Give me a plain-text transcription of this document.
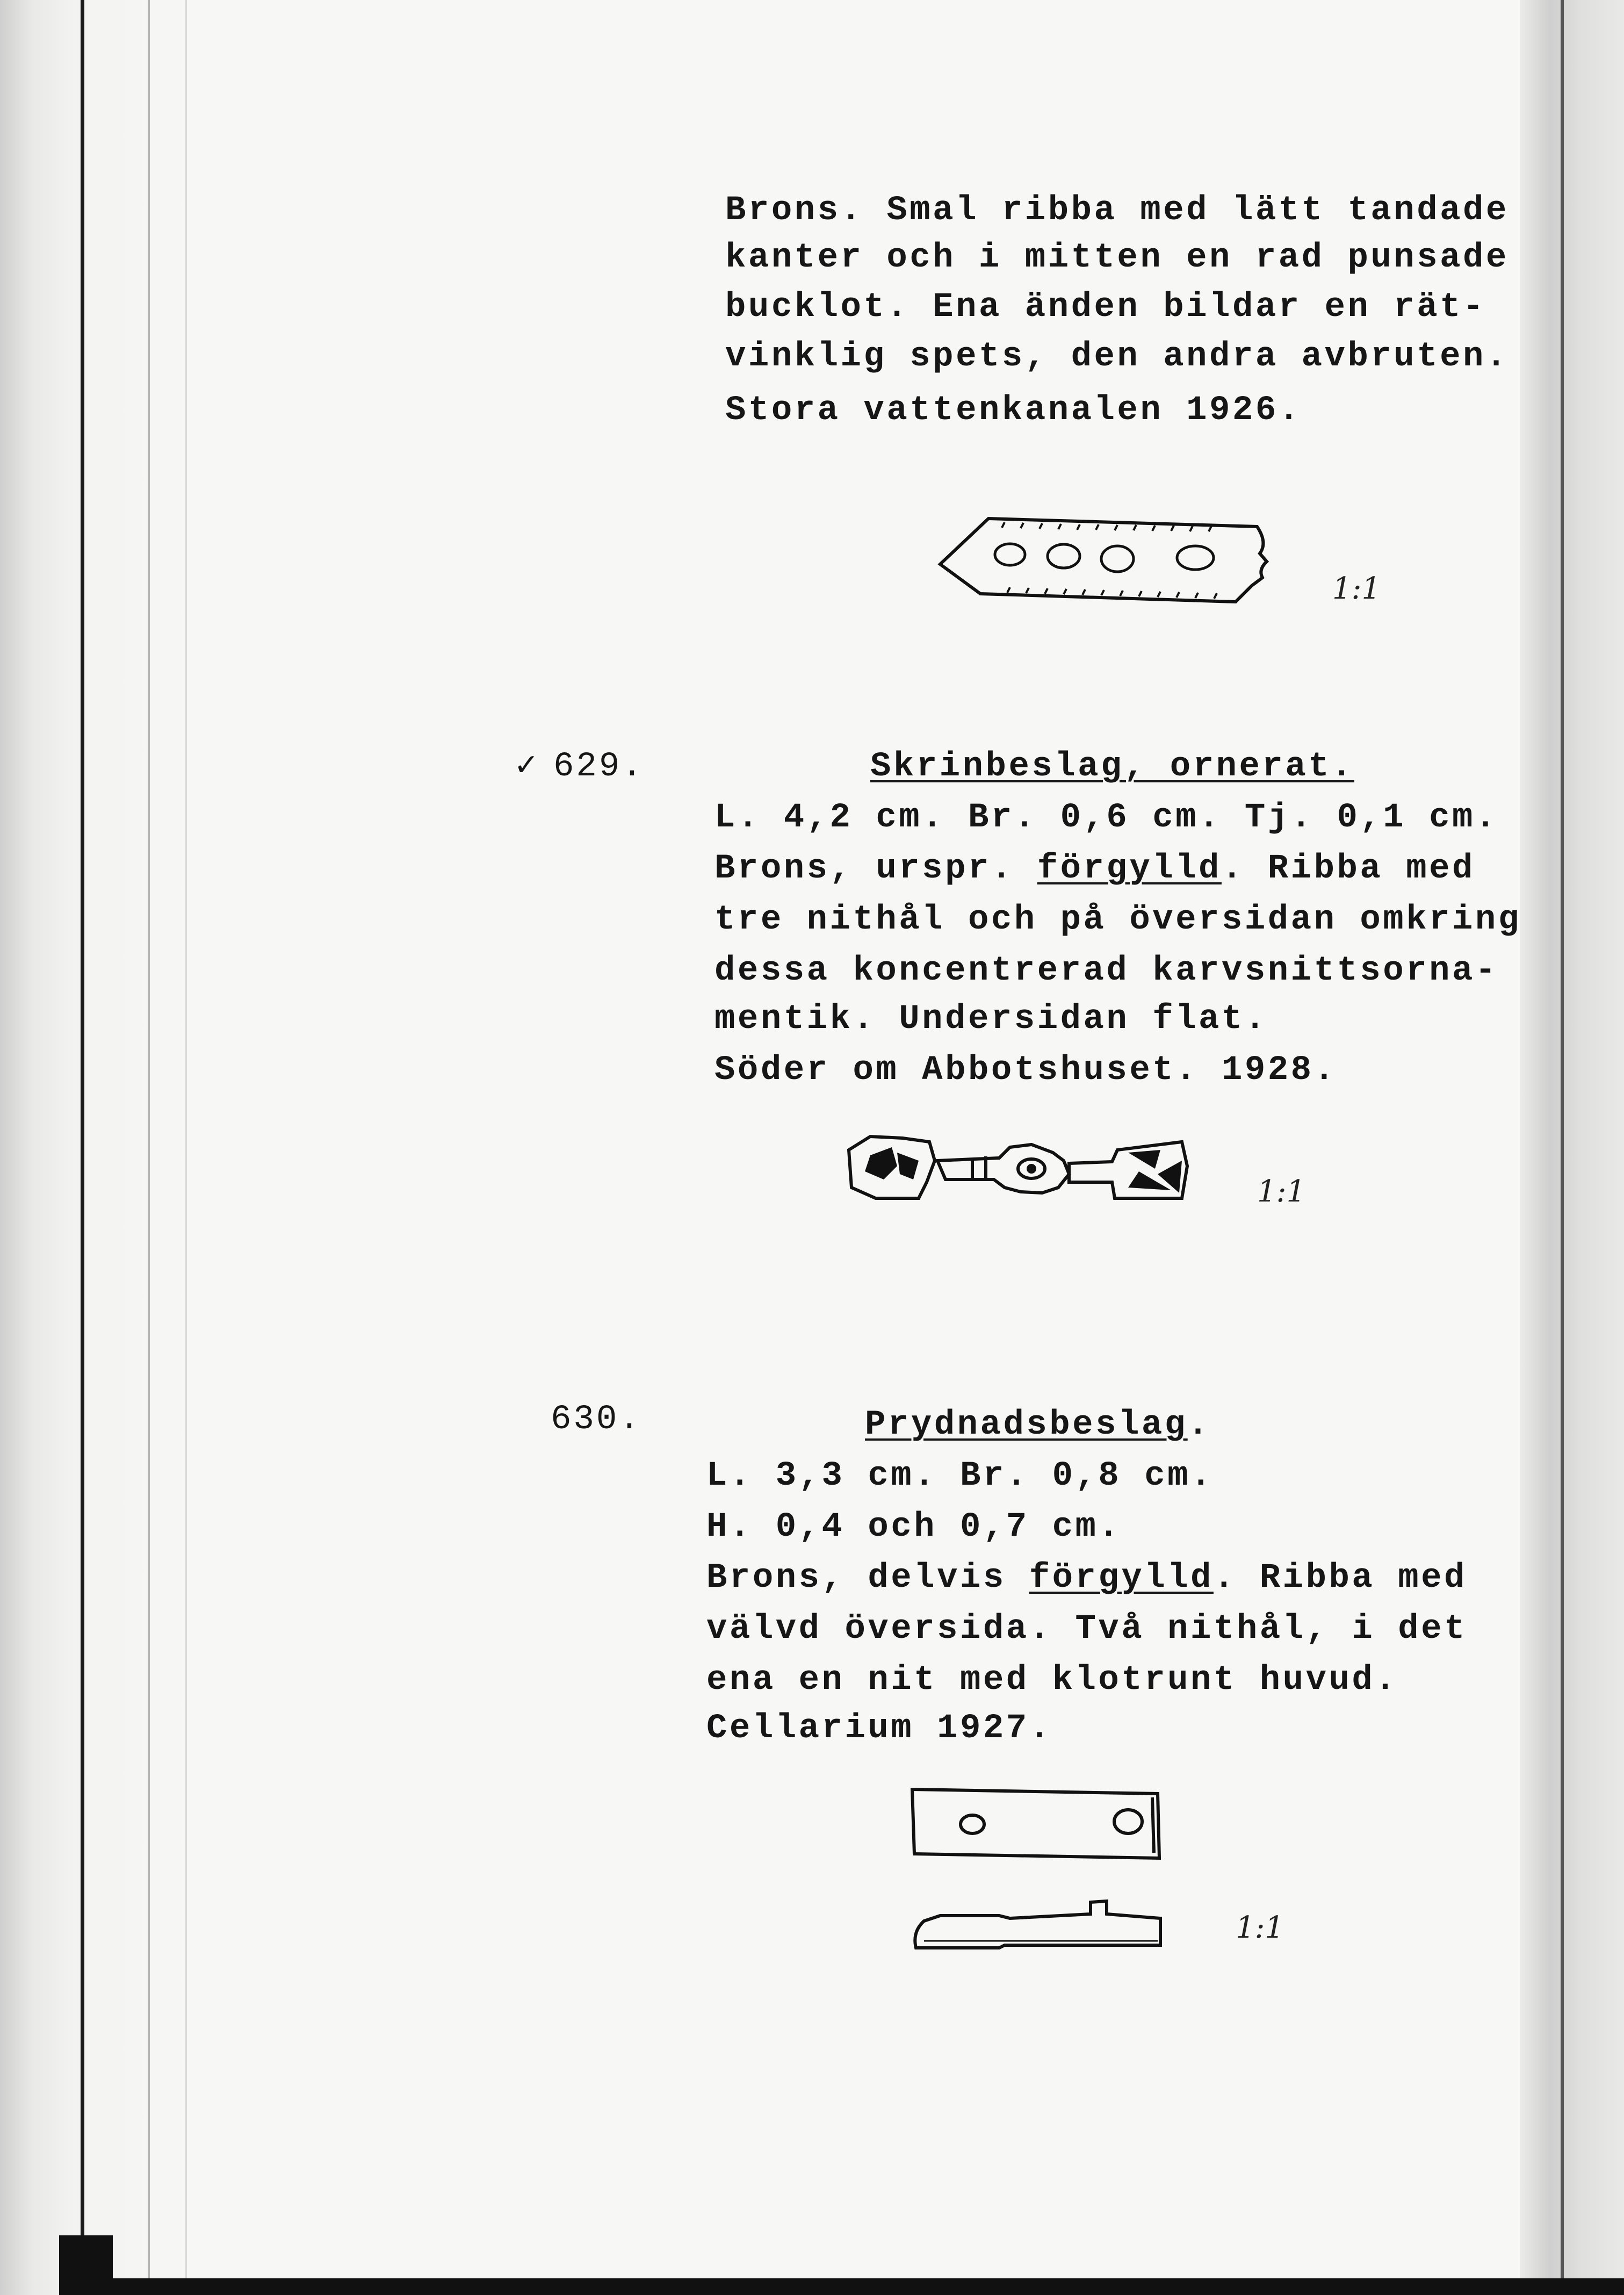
Brons. Smal ribba med lätt tandade
kanter och i mitten en rad punsade
bucklot. Ena änden bildar en rät-
vinklig spets, den andra avbruten.
Stora vattenkanalen 1926.
1:1
✓ 629.	Skrinbeslag, ornerat.
L. 4,2 cm. Br. 0,6 cm. Tj. 0,1 cm.
Brons, urspr. förgylld. Ribba med
tre nithål och på översidan omkring
dessa koncentrerad karvsnittsorna-
mentik. Undersidan flat.
Söder om Abbotshuset. 1928.
1:1
630.	Prydnadsbeslag.
L. 3,3 cm. Br. 0,8 cm.
H. 0,4 och 0,7 cm.
Brons, delvis förgylld. Ribba med
välvd översida. Två nithål, i det
ena en nit med klotrunt huvud.
Cellarium 1927.
1:1
